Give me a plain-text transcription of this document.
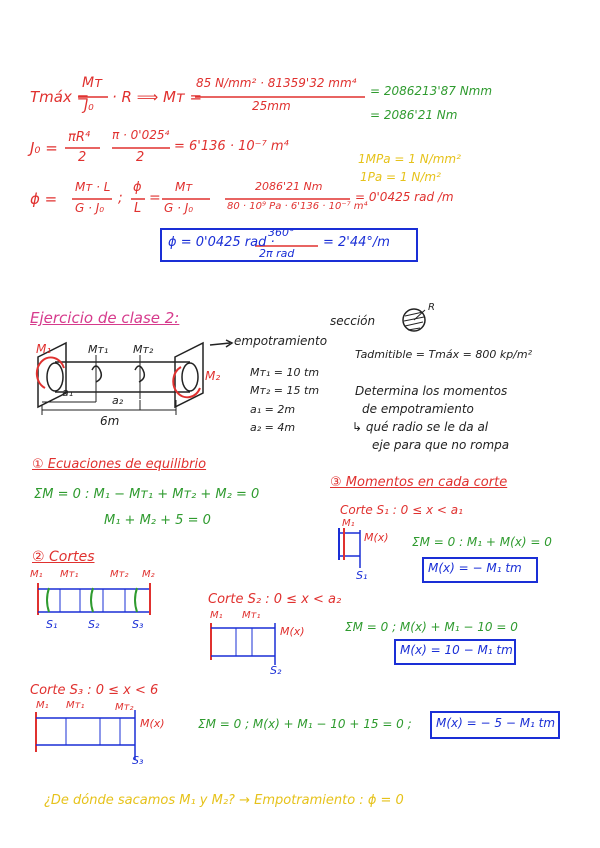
Tmáx =
Mᴛ
J₀ · R ⟹ Mᴛ =
85 N/mm² · 81359'32 mm⁴
25mm
= 2086213'87 Nmm
= 2086'21 Nm
J₀ =
πR⁴
2
π · 0'025⁴
2
= 6'136 · 10⁻⁷ m⁴
1MPa = 1 N/mm²
1Pa = 1 N/m²
ϕ =
Mᴛ · L
G · J₀
;
ϕ
L
=
Mᴛ
G · J₀
2086'21 Nm
80 · 10⁹ Pa · 6'136 · 10⁻⁷ m⁴
= 0'0425 rad /m
ϕ = 0'0425 rad ·
360°
2π rad
= 2'44°/m
Ejercicio de clase 2:	sección
R
empotramiento
M₁
M₂
Mᴛ₁ Mᴛ₂
a₁
a₂
6m
Mᴛ₁ = 10 tm
Mᴛ₂ = 15 tm
a₁ = 2m
a₂ = 4m
Tadmitible = Tmáx = 800 kp/m²
Determina los momentos
de empotramiento
↳ qué radio se le da al
eje para que no rompa
① Ecuaciones de equilibrio
ΣM = 0 : M₁ − Mᴛ₁ + Mᴛ₂ + M₂ = 0
M₁ + M₂ + 5 = 0
③ Momentos en cada corte
Corte S₁ : 0 ≤ x < a₁
M₁
M(x)
S₁
ΣM = 0 : M₁ + M(x) = 0
M(x) = − M₁ tm
② Cortes
M₁ Mᴛ₁	Mᴛ₂ M₂
S₁	S₂	S₃
Corte S₂ : 0 ≤ x < a₂
M₁ Mᴛ₁
M(x)
S₂
ΣM = 0 ; M(x) + M₁ − 10 = 0
M(x) = 10 − M₁ tm
Corte S₃ : 0 ≤ x < 6
M₁ Mᴛ₁	Mᴛ₂
M(x)
S₃
ΣM = 0 ; M(x) + M₁ − 10 + 15 = 0 ; M(x) = − 5 − M₁ tm
¿De dónde sacamos M₁ y M₂? → Empotramiento : ϕ = 0
